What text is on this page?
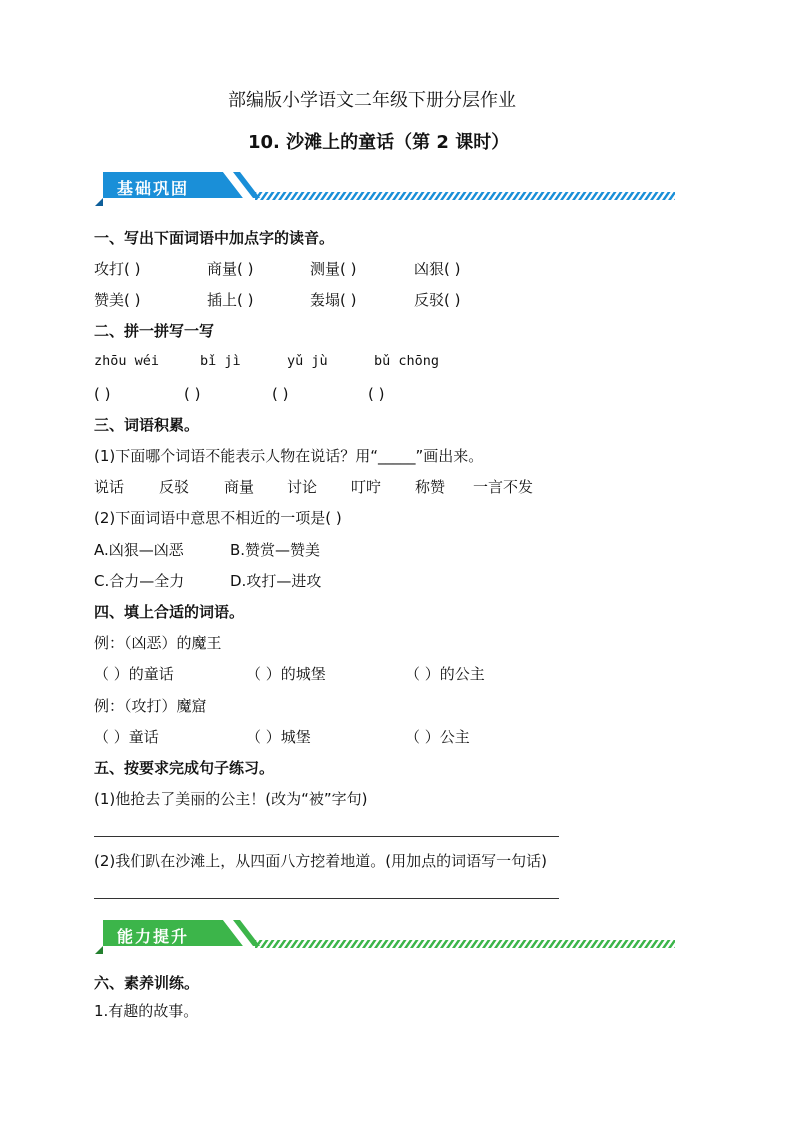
部编版小学语文二年级下册分层作业
10. 沙滩上的童话（第 2 课时）
基础巩固
一、写出下面词语中加点字的读音。
攻打( )	商量( )	测量( )	凶狠( )
赞美( )	插上( )	轰塌( )	反驳( )
二、拼一拼写一写
zhōu wéi	bǐ jì	yǔ jù	bǔ chōng
( )	( )	( )	( )
三、词语积累。
(1)下面哪个词语不能表示人物在说话？用“_____”画出来。
说话 反驳 商量 讨论 叮咛 称赞 一言不发
(2)下面词语中意思不相近的一项是( )
A.凶狠—凶恶	B.赞赏—赞美
C.合力—全力	D.攻打—进攻
四、填上合适的词语。
例：（凶恶）的魔王
（ ）的童话	（ ）的城堡	（ ）的公主
例：（攻打）魔窟
（ ）童话	（ ）城堡	（ ）公主
五、按要求完成句子练习。
(1)他抢去了美丽的公主！(改为“被”字句)
(2)我们趴在沙滩上，从四面八方挖着地道。(用加点的词语写一句话)
能力提升
六、素养训练。
1.有趣的故事。
